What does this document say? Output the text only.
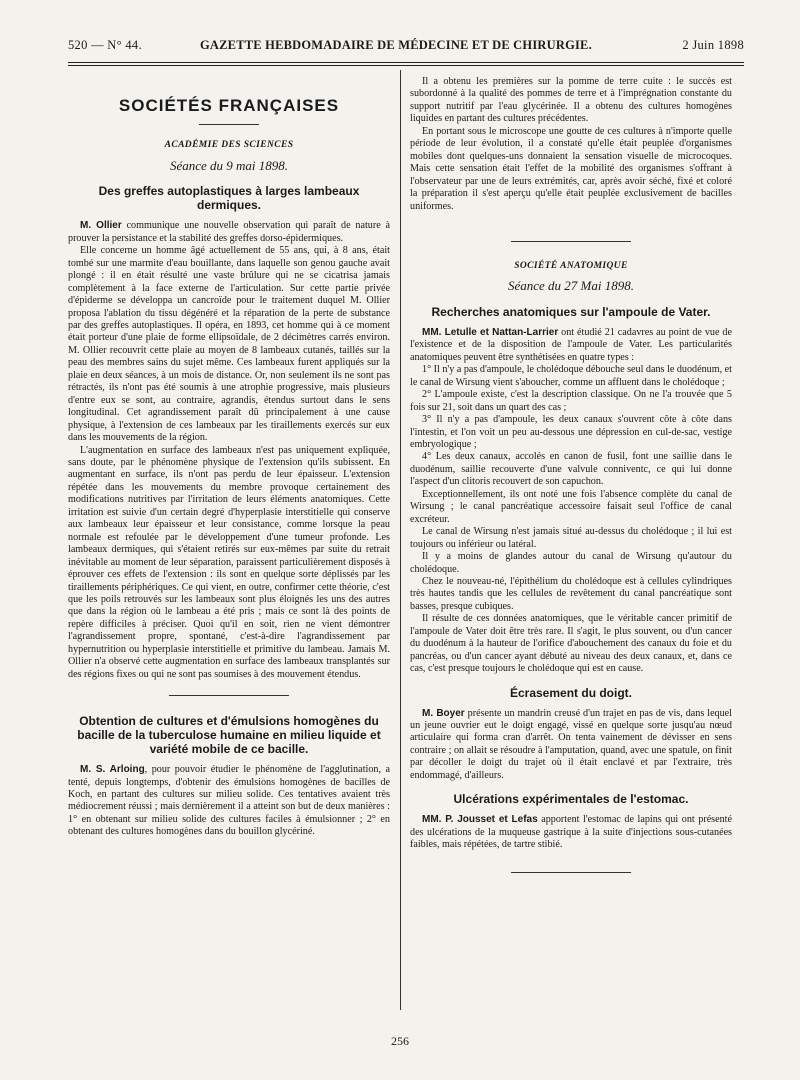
520 — N° 44.	GAZETTE HEBDOMADAIRE DE MÉDECINE ET DE CHIRURGIE.	2 Juin 1898
SOCIÉTÉS FRANÇAISES
ACADÉMIE DES SCIENCES
Séance du 9 mai 1898.
Des greffes autoplastiques à larges lambeaux dermiques.

M. Ollier communique une nouvelle observation qui paraît de nature à prouver la persistance et la stabilité des greffes dorso-épidermiques.

Elle concerne un homme âgé actuellement de 55 ans, qui, à 8 ans, était tombé sur une marmite d'eau bouillante, dans laquelle son genou gauche avait plongé : il en était résulté une vaste brûlure qui ne se cicatrisa jamais complètement à la face externe de l'articulation. Sur cette partie privée d'épiderme se développa un cancroïde pour le traitement duquel M. Ollier proposa l'ablation du tissu dégénéré et la réparation de la perte de substance par des greffes autoplastiques. Il opéra, en 1893, cet homme qui à ce moment était porteur d'une plaie de forme ellipsoïdale, de 2 décimètres carrés environ. M. Ollier recouvrit cette plaie au moyen de 8 lambeaux cutanés, taillés sur la peau des membres sains du sujet même. Ces lambeaux furent appliqués sur la plaie en deux séances, à un mois de distance. Or, non seulement ils ne sont pas rétractés, ils n'ont pas été soumis à une atrophie progressive, mais plusieurs d'entre eux se sont, au contraire, agrandis, étendus surtout dans le sens longitudinal. Cet agrandissement paraît dû principalement à une cause physique, à l'extension de ces lambeaux par les tiraillements exercés sur eux dans les mouvements de la région.

L'augmentation en surface des lambeaux n'est pas uniquement expliquée, sans doute, par le phénomène physique de l'extension qu'ils subissent. En augmentant en surface, ils n'ont pas perdu de leur épaisseur. L'extension répétée dans les mouvements du membre provoque certainement des modifications nutritives par l'irritation de leurs éléments anatomiques. Cette irritation est suivie d'un certain degré d'hyperplasie interstitielle qui conserve aux lambeaux leur épaisseur et leur consistance, comme lorsque la peau normale est refoulée par le développement d'une tumeur profonde. Les lambeaux dermiques, qui s'étaient retirés sur eux-mêmes par suite du retrait inévitable au moment de leur séparation, paraissent particulièrement disposés à éprouver ces effets de l'extension : ils sont en quelque sorte déplissés par les tiraillements périphériques. Ce qui vient, en outre, confirmer cette théorie, c'est que les poils retrouvés sur les lambeaux sont plus éloignés les uns des autres que dans la région où le lambeau a été pris ; mais ce sont là des points de repère difficiles à préciser. Quoi qu'il en soit, rien ne vient démontrer l'agrandissement propre, spontané, c'est-à-dire l'agrandissement par hypernutrition ou hyperplasie interstitielle et primitive du lambeau. Jamais M. Ollier n'a observé cette augmentation en surface des lambeaux transplantés sur des régions fixes ou qui ne sont pas soumises à des mouvement étendus.

Obtention de cultures et d'émulsions homogènes du bacille de la tuberculose humaine en milieu liquide et variété mobile de ce bacille.

M. S. Arloing, pour pouvoir étudier le phénomène de l'agglutination, a tenté, depuis longtemps, d'obtenir des émulsions homogènes de bacilles de Koch, en partant des cultures sur milieu solide. Ces tentatives avaient très médiocrement réussi ; mais dernièrement il a atteint son but de deux manières : 1° en obtenant sur milieu solide des cultures faciles à émulsionner ; 2° en obtenant des cultures homogènes dans du bouillon glycériné.

Il a obtenu les premières sur la pomme de terre cuite : le succès est subordonné à la qualité des pommes de terre et à l'imprégnation constante du support nutritif par l'eau glycérinée. Il a obtenu des cultures homogènes liquides en partant des cultures précédentes.

En portant sous le microscope une goutte de ces cultures à n'importe quelle période de leur évolution, il a constaté qu'elle était peuplée d'organismes mobiles dont quelques-uns donnaient la sensation visuelle de microcoques. Mais cette sensation était l'effet de la mobilité des organismes s'offrant à l'observateur par une de leurs extrémités, car, après avoir séché, fixé et coloré la préparation il s'est aperçu qu'elle était peuplée exclusivement de bacilles uniformes.

SOCIÉTÉ ANATOMIQUE
Séance du 27 Mai 1898.
Recherches anatomiques sur l'ampoule de Vater.

MM. Letulle et Nattan-Larrier ont étudié 21 cadavres au point de vue de l'existence et de la disposition de l'ampoule de Vater. Les particularités anatomiques peuvent être synthétisées en quatre types :

1° Il n'y a pas d'ampoule, le cholédoque débouche seul dans le duodénum, et le canal de Wirsung vient s'aboucher, comme un affluent dans le cholédoque ;

2° L'ampoule existe, c'est la description classique. On ne l'a trouvée que 5 fois sur 21, soit dans un quart des cas ;

3° Il n'y a pas d'ampoule, les deux canaux s'ouvrent côte à côte dans l'intestin, et l'on voit un peu au-dessous une dépression en cul-de-sac, vestige embryologique ;

4° Les deux canaux, accolés en canon de fusil, font une saillie dans le duodénum, saillie recouverte d'une valvule conniventc, ce qui lui donne l'aspect d'un clitoris recouvert de son capuchon.

Exceptionnellement, ils ont noté une fois l'absence complète du canal de Wirsung ; le canal pancréatique accessoire faisait seul l'office de canal excréteur.

Le canal de Wirsung n'est jamais situé au-dessus du cholédoque ; il lui est toujours ou inférieur ou latéral.

Il y a moins de glandes autour du canal de Wirsung qu'autour du cholédoque.

Chez le nouveau-né, l'épithélium du cholédoque est à cellules cylindriques très hautes tandis que les cellules de revêtement du canal pancréatique sont basses, presque cubiques.

Il résulte de ces données anatomiques, que le véritable cancer primitif de l'ampoule de Vater doit être très rare. Il s'agit, le plus souvent, ou d'un cancer du duodénum à la hauteur de l'orifice d'abouchement des canaux du foie et du pancréas, ou d'un cancer ayant débuté au niveau des deux canaux, et, dans ce cas, c'est presque toujours le cholédoque qui est en cause.

Écrasement du doigt.

M. Boyer présente un mandrin creusé d'un trajet en pas de vis, dans lequel un jeune ouvrier eut le doigt engagé, vissé en quelque sorte jusqu'au nœud articulaire qui forma cran d'arrêt. On tenta vainement de dévisser en sens contraire ; on allait se résoudre à l'amputation, quand, avec une spatule, on finit par décoller le doigt du trajet où il était enclavé et par l'extraire, très endommagé, d'ailleurs.

Ulcérations expérimentales de l'estomac.

MM. P. Jousset et Lefas apportent l'estomac de lapins qui ont présenté des ulcérations de la muqueuse gastrique à la suite d'injections sous-cutanées faibles, mais répétées, de tartre stibié.

256
